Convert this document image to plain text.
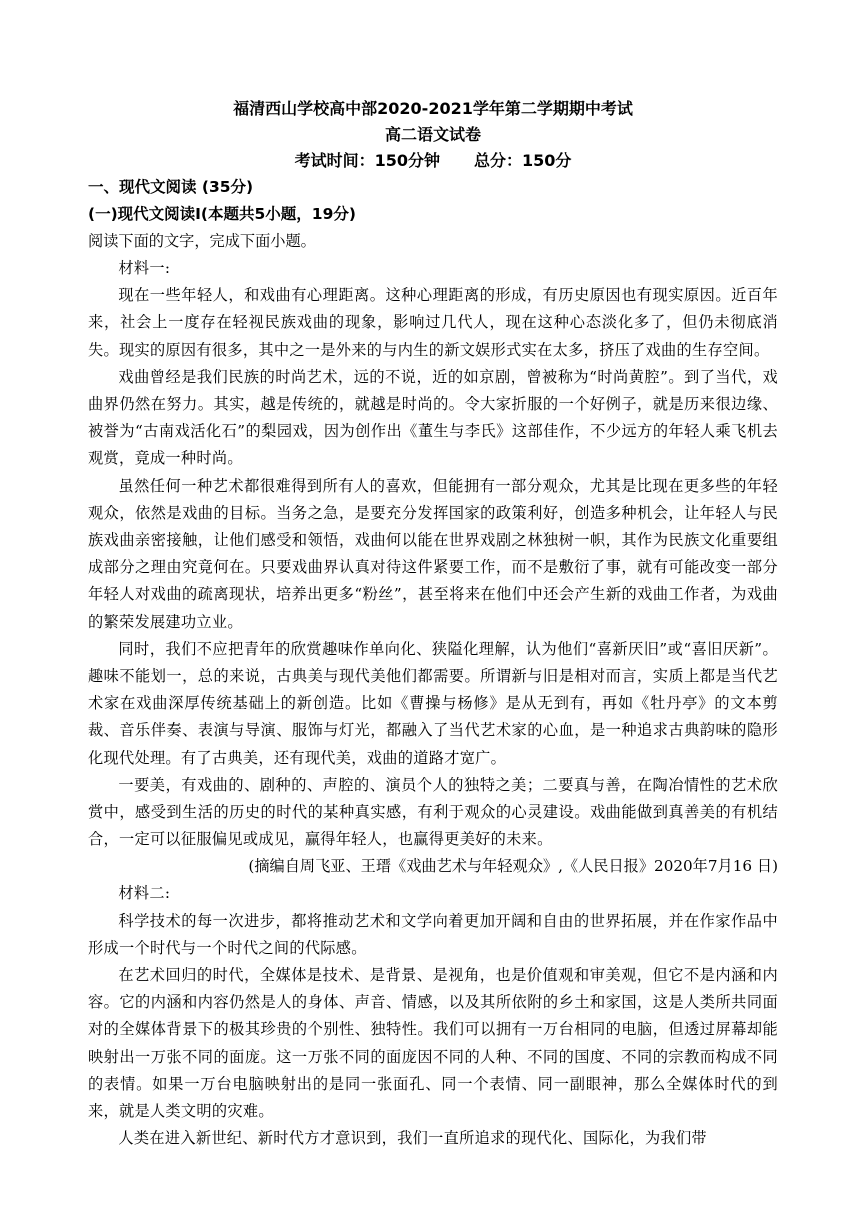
福清西山学校高中部2020-2021学年第二学期期中考试
高二语文试卷
考试时间：150分钟 总分：150分
一、现代文阅读 (35分)
(一)现代文阅读Ⅰ(本题共5小题，19分)
阅读下面的文字，完成下面小题。
材料一:

现在一些年轻人，和戏曲有心理距离。这种心理距离的形成，有历史原因也有现实原因。近百年来，社会上一度存在轻视民族戏曲的现象，影响过几代人，现在这种心态淡化多了，但仍未彻底消失。现实的原因有很多，其中之一是外来的与内生的新文娱形式实在太多，挤压了戏曲的生存空间。

戏曲曾经是我们民族的时尚艺术，远的不说，近的如京剧，曾被称为“时尚黄腔”。到了当代，戏曲界仍然在努力。其实，越是传统的，就越是时尚的。令大家折服的一个好例子，就是历来很边缘、被誉为“古南戏活化石”的梨园戏，因为创作出《董生与李氏》这部佳作，不少远方的年轻人乘飞机去观赏，竟成一种时尚。

虽然任何一种艺术都很难得到所有人的喜欢，但能拥有一部分观众，尤其是比现在更多些的年轻观众，依然是戏曲的目标。当务之急，是要充分发挥国家的政策利好，创造多种机会，让年轻人与民族戏曲亲密接触，让他们感受和领悟，戏曲何以能在世界戏剧之林独树一帜，其作为民族文化重要组成部分之理由究竟何在。只要戏曲界认真对待这件紧要工作，而不是敷衍了事，就有可能改变一部分年轻人对戏曲的疏离现状，培养出更多“粉丝”，甚至将来在他们中还会产生新的戏曲工作者，为戏曲的繁荣发展建功立业。

同时，我们不应把青年的欣赏趣味作单向化、狭隘化理解，认为他们“喜新厌旧”或“喜旧厌新”。趣味不能划一，总的来说，古典美与现代美他们都需要。所谓新与旧是相对而言，实质上都是当代艺术家在戏曲深厚传统基础上的新创造。比如《曹操与杨修》是从无到有，再如《牡丹亭》的文本剪裁、音乐伴奏、表演与导演、服饰与灯光，都融入了当代艺术家的心血，是一种追求古典韵味的隐形化现代处理。有了古典美，还有现代美，戏曲的道路才宽广。

一要美，有戏曲的、剧种的、声腔的、演员个人的独特之美；二要真与善，在陶冶情性的艺术欣赏中，感受到生活的历史的时代的某种真实感，有利于观众的心灵建设。戏曲能做到真善美的有机结合，一定可以征服偏见或成见，赢得年轻人，也赢得更美好的未来。

(摘编自周飞亚、王瑨《戏曲艺术与年轻观众》,《人民日报》2020年7月16 日)
材料二:

科学技术的每一次进步，都将推动艺术和文学向着更加开阔和自由的世界拓展，并在作家作品中形成一个时代与一个时代之间的代际感。

在艺术回归的时代，全媒体是技术、是背景、是视角，也是价值观和审美观，但它不是内涵和内容。它的内涵和内容仍然是人的身体、声音、情感，以及其所依附的乡土和家国，这是人类所共同面对的全媒体背景下的极其珍贵的个别性、独特性。我们可以拥有一万台相同的电脑，但透过屏幕却能映射出一万张不同的面庞。这一万张不同的面庞因不同的人种、不同的国度、不同的宗教而构成不同的表情。如果一万台电脑映射出的是同一张面孔、同一个表情、同一副眼神，那么全媒体时代的到来，就是人类文明的灾难。

人类在进入新世纪、新时代方才意识到，我们一直所追求的现代化、国际化，为我们带
